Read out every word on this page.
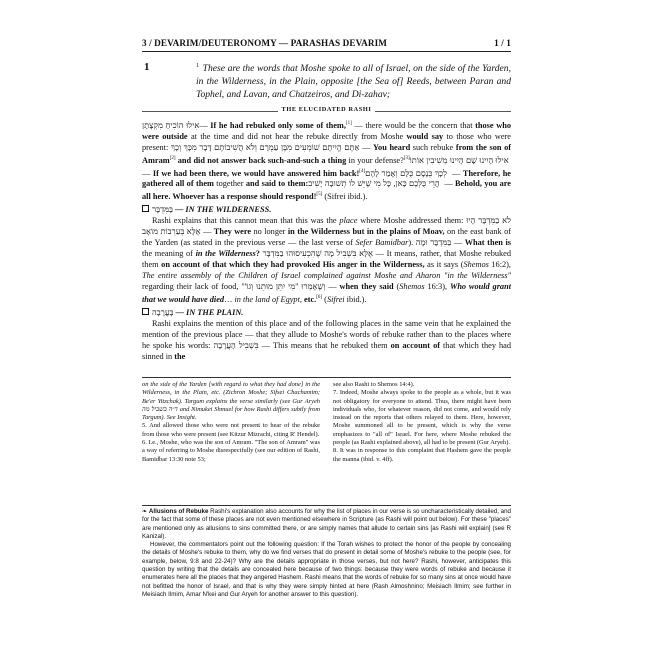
3 / DEVARIM/DEUTERONOMY — PARASHAS DEVARIM	1 / 1
1	$^1$ These are the words that Moshe spoke to all of Israel, on the side of the Yarden, in the Wilderness, in the Plain, opposite [the Sea of] Reeds, between Paran and Tophel, and Lavan, and Chatzeiros, and Di-zahav;
THE ELUCIDATED RASHI

אִילוּ הוֹכִיחַ מִקְצָתָן— If he had rebuked only some of them,[1] — there would be the concern that those who were outside at the time and did not hear the rebuke directly from Moshe would say to those who were present: אַתֶּם הֱיִיתֶם שׁוֹמְעִים מִבֶּן עַמְרָם וְלֹא הֲשִׁיבוֹתֶם דָּבָר מִכָּךְ וְכָךְ — You heard such rebuke from the son of Amram[2] and did not answer back such-and-such a thing in your defense?[3] אִילוּ הָיִינוּ שָׁם הָיִינוּ מְשִׁיבִין אוֹתוֹ — If we had been there, we would have answered him back![4] לְכָךְ כְּנָסָם כֻּלָּם וְאָמַר לָהֶם — Therefore, he gathered all of them together and said to them: הֲרֵי כֻּלְּכֶם כָּאן, כָּל מִי שֶׁיֵּשׁ לוֹ תְשׁוּבָה יָשִׁיב — Behold, you are all here. Whoever has a response should respond![5] (Sifrei ibid.).

בַּמִּדְבָּר — IN THE WILDERNESS.

Rashi explains that this cannot mean that this was the place where Moshe addressed them: לֹא בַמִּדְבָּר הָיוּ אֶלָּא בְּעַרְבוֹת מוֹאָב — They were no longer in the Wilderness but in the plains of Moav, on the east bank of the Yarden (as stated in the previous verse — the last verse of Sefer Bamidbar). וּמָה בַּמִּדְבָּר — What then is the meaning of in the Wilderness? אֶלָּא בִּשְׁבִיל מָה שֶׁהִכְעִיסוּהוּ בַמִּדְבָּר — It means, rather, that Moshe rebuked them on account of that which they had provoked His anger in the Wilderness, as it says (Shemos 16:2), The entire assembly of the Children of Israel complained against Moshe and Aharon "in the Wilderness" regarding their lack of food, וְשֶׁאָמְרוּ "מִי יִתֵּן מוּתֵנוּ וְגוֹ'" — when they said (Shemos 16:3), Who would grant that we would have died… in the land of Egypt, etc.[6] (Sifrei ibid.).

בָּעֲרָבָה — IN THE PLAIN.

Rashi explains the mention of this place and of the following places in the same vein that he explained the mention of the previous place — that they allude to Moshe's words of rebuke rather than to the places where he spoke his words: בִּשְׁבִיל הָעֲרָבָה — This means that he rebuked them on account of that which they had sinned in the

on the side of the Yarden [with regard to what they had done] in the Wilderness, in the Plain, etc. (Zichron Moshe; Sifsei Chachamim; Be'er Yitzchak). Targum explains the verse similarly (see Gur Aryeh ד״ה בשביל מה and Nimukei Shmuel for how Rashi differs subtly from Targum). See Insight.

5. And allowed those who were not present to hear of the rebuke from those who were present (see Kitzur Mizrachi, citing R' Hendel).

6. I.e., Moshe, who was the son of Amram. "The son of Amram" was a way of referring to Moshe disrespectfully (see our edition of Rashi, Bamidbar 13:30 note 53;

see also Rashi to Shemos 14:4).

7. Indeed, Moshe always spoke to the people as a whole, but it was not obligatory for everyone to attend. Thus, there might have been individuals who, for whatever reason, did not come, and would rely instead on the reports that others relayed to them. Here, however, Moshe summoned all to be present, which is why the verse emphasizes to "all of" Israel. For here, where Moshe rebuked the people (as Rashi explained above), all had to be present (Gur Aryeh).

8. It was in response to this complaint that Hashem gave the people the manna (ibid. v. 4ff).

❧ Allusions of Rebuke Rashi's explanation also accounts for why the list of places in our verse is so uncharacteristically detailed, and for the fact that some of these places are not even mentioned elsewhere in Scripture (as Rashi will point out below). For these "places" are mentioned only as allusions to sins committed there, or are simply names that allude to certain sins [as Rashi will explain] (see R Kanizal).

However, the commentators point out the following question: If the Torah wishes to protect the honor of the people by concealing the details of Moshe's rebuke to them, why do we find verses that do present in detail some of Moshe's rebuke to the people (see, for example, below, 9:8 and 22-24)? Why are the details appropriate in those verses, but not here? Rashi, however, anticipates this question by writing that the details are concealed here because of two things: because they were words of rebuke and because it enumerates here all the places that they angered Hashem. Rashi means that the words of rebuke for so many sins at once would have not befitted the honor of Israel, and that is why they were simply hinted at here (Rash Almoshnino; Meisiach Ilmim; see further in Meisiach Ilmim, Amar N'kei and Gur Aryeh for another answer to this question).
